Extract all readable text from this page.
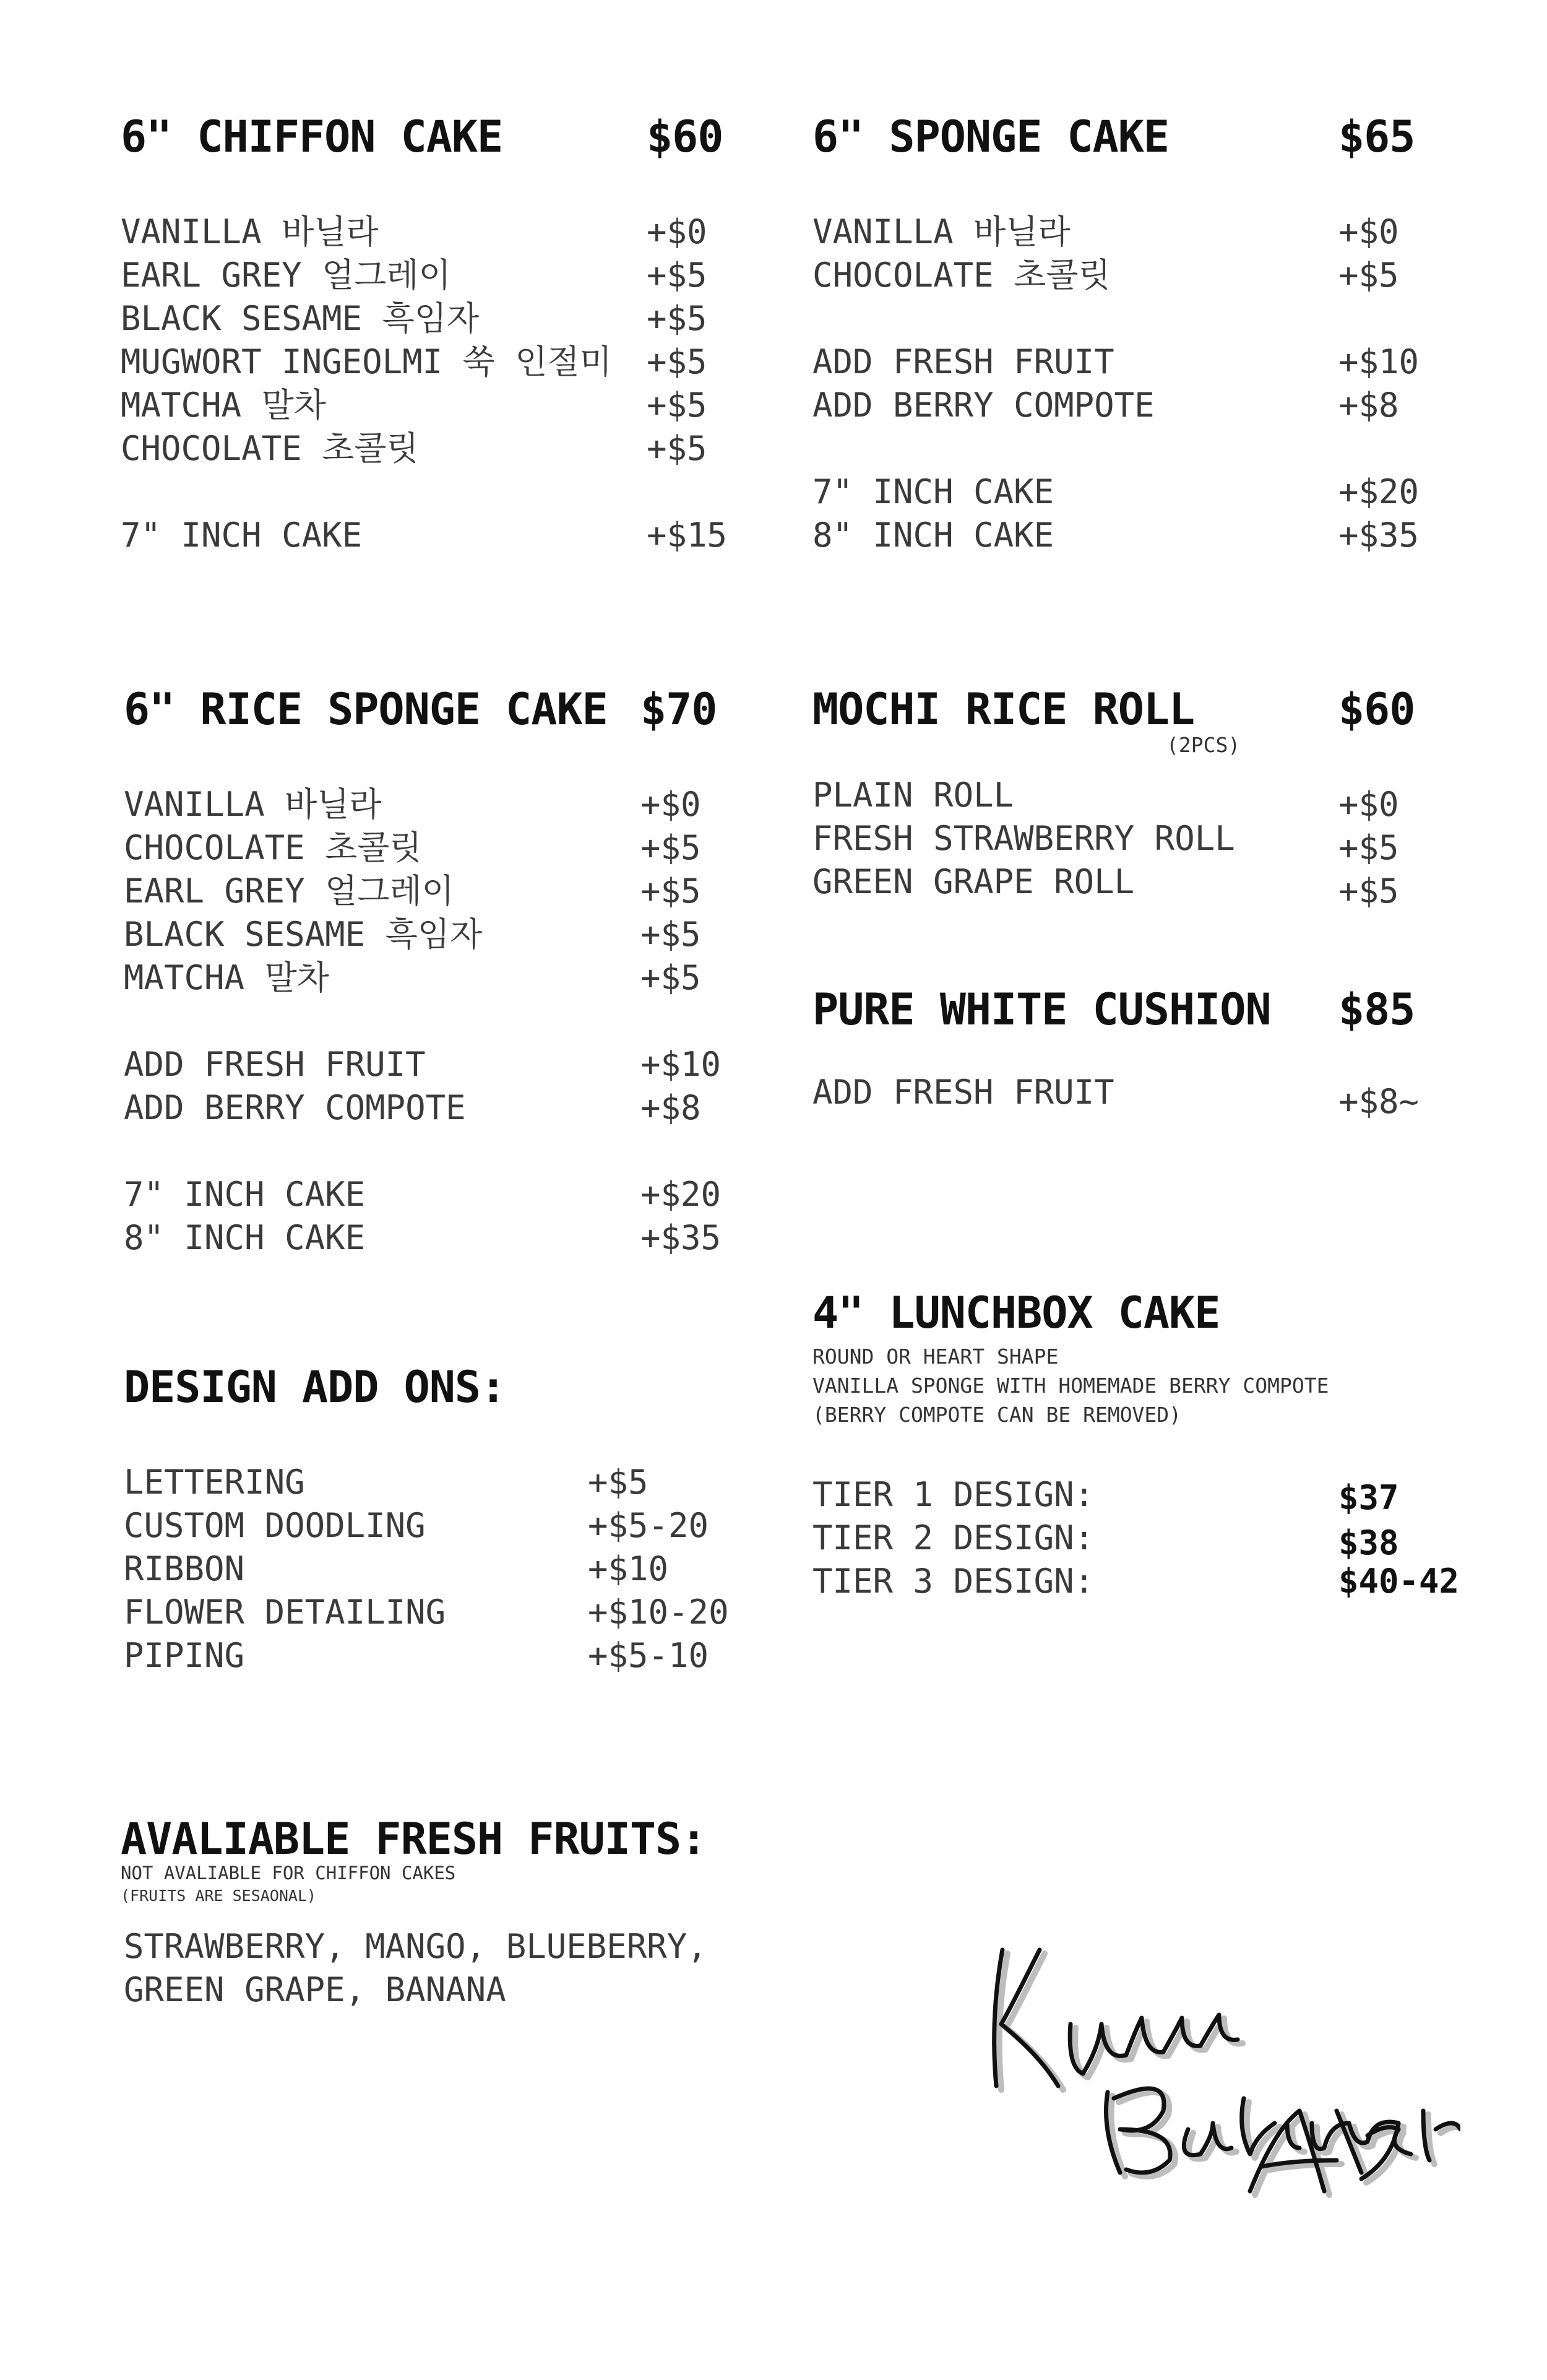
6" CHIFFON CAKE	$60
VANILLA 바닐라	+$0
EARL GREY 얼그레이	+$5
BLACK SESAME 흑임자	+$5
MUGWORT INGEOLMI 쑥 인절미 +$5
MATCHA 말차	+$5
CHOCOLATE 초콜릿	+$5
7" INCH CAKE	+$15
6" SPONGE CAKE	$65
VANILLA 바닐라	+$0
CHOCOLATE 초콜릿	+$5
ADD FRESH FRUIT	+$10
ADD BERRY COMPOTE	+$8
7" INCH CAKE	+$20
8" INCH CAKE	+$35
6" RICE SPONGE CAKE $70
VANILLA 바닐라	+$0
CHOCOLATE 초콜릿	+$5
EARL GREY 얼그레이	+$5
BLACK SESAME 흑임자	+$5
MATCHA 말차	+$5
ADD FRESH FRUIT	+$10
ADD BERRY COMPOTE	+$8
7" INCH CAKE	+$20
8" INCH CAKE	+$35
MOCHI RICE ROLL	$60
(2PCS)
PLAIN ROLL	+$0
FRESH STRAWBERRY ROLL	+$5
GREEN GRAPE ROLL	+$5
PURE WHITE CUSHION $85
ADD FRESH FRUIT	+$8~
4" LUNCHBOX CAKE
ROUND OR HEART SHAPE
VANILLA SPONGE WITH HOMEMADE BERRY COMPOTE
(BERRY COMPOTE CAN BE REMOVED)
TIER 1 DESIGN:	$37
TIER 2 DESIGN:	$38
TIER 3 DESIGN:	$40-42
DESIGN ADD ONS:
LETTERING	+$5
CUSTOM DOODLING	+$5-20
RIBBON	+$10
FLOWER DETAILING	+$10-20
PIPING	+$5-10
AVALIABLE FRESH FRUITS:
NOT AVALIABLE FOR CHIFFON CAKES
(FRUITS ARE SESAONAL)
STRAWBERRY, MANGO, BLUEBERRY,
GREEN GRAPE, BANANA
